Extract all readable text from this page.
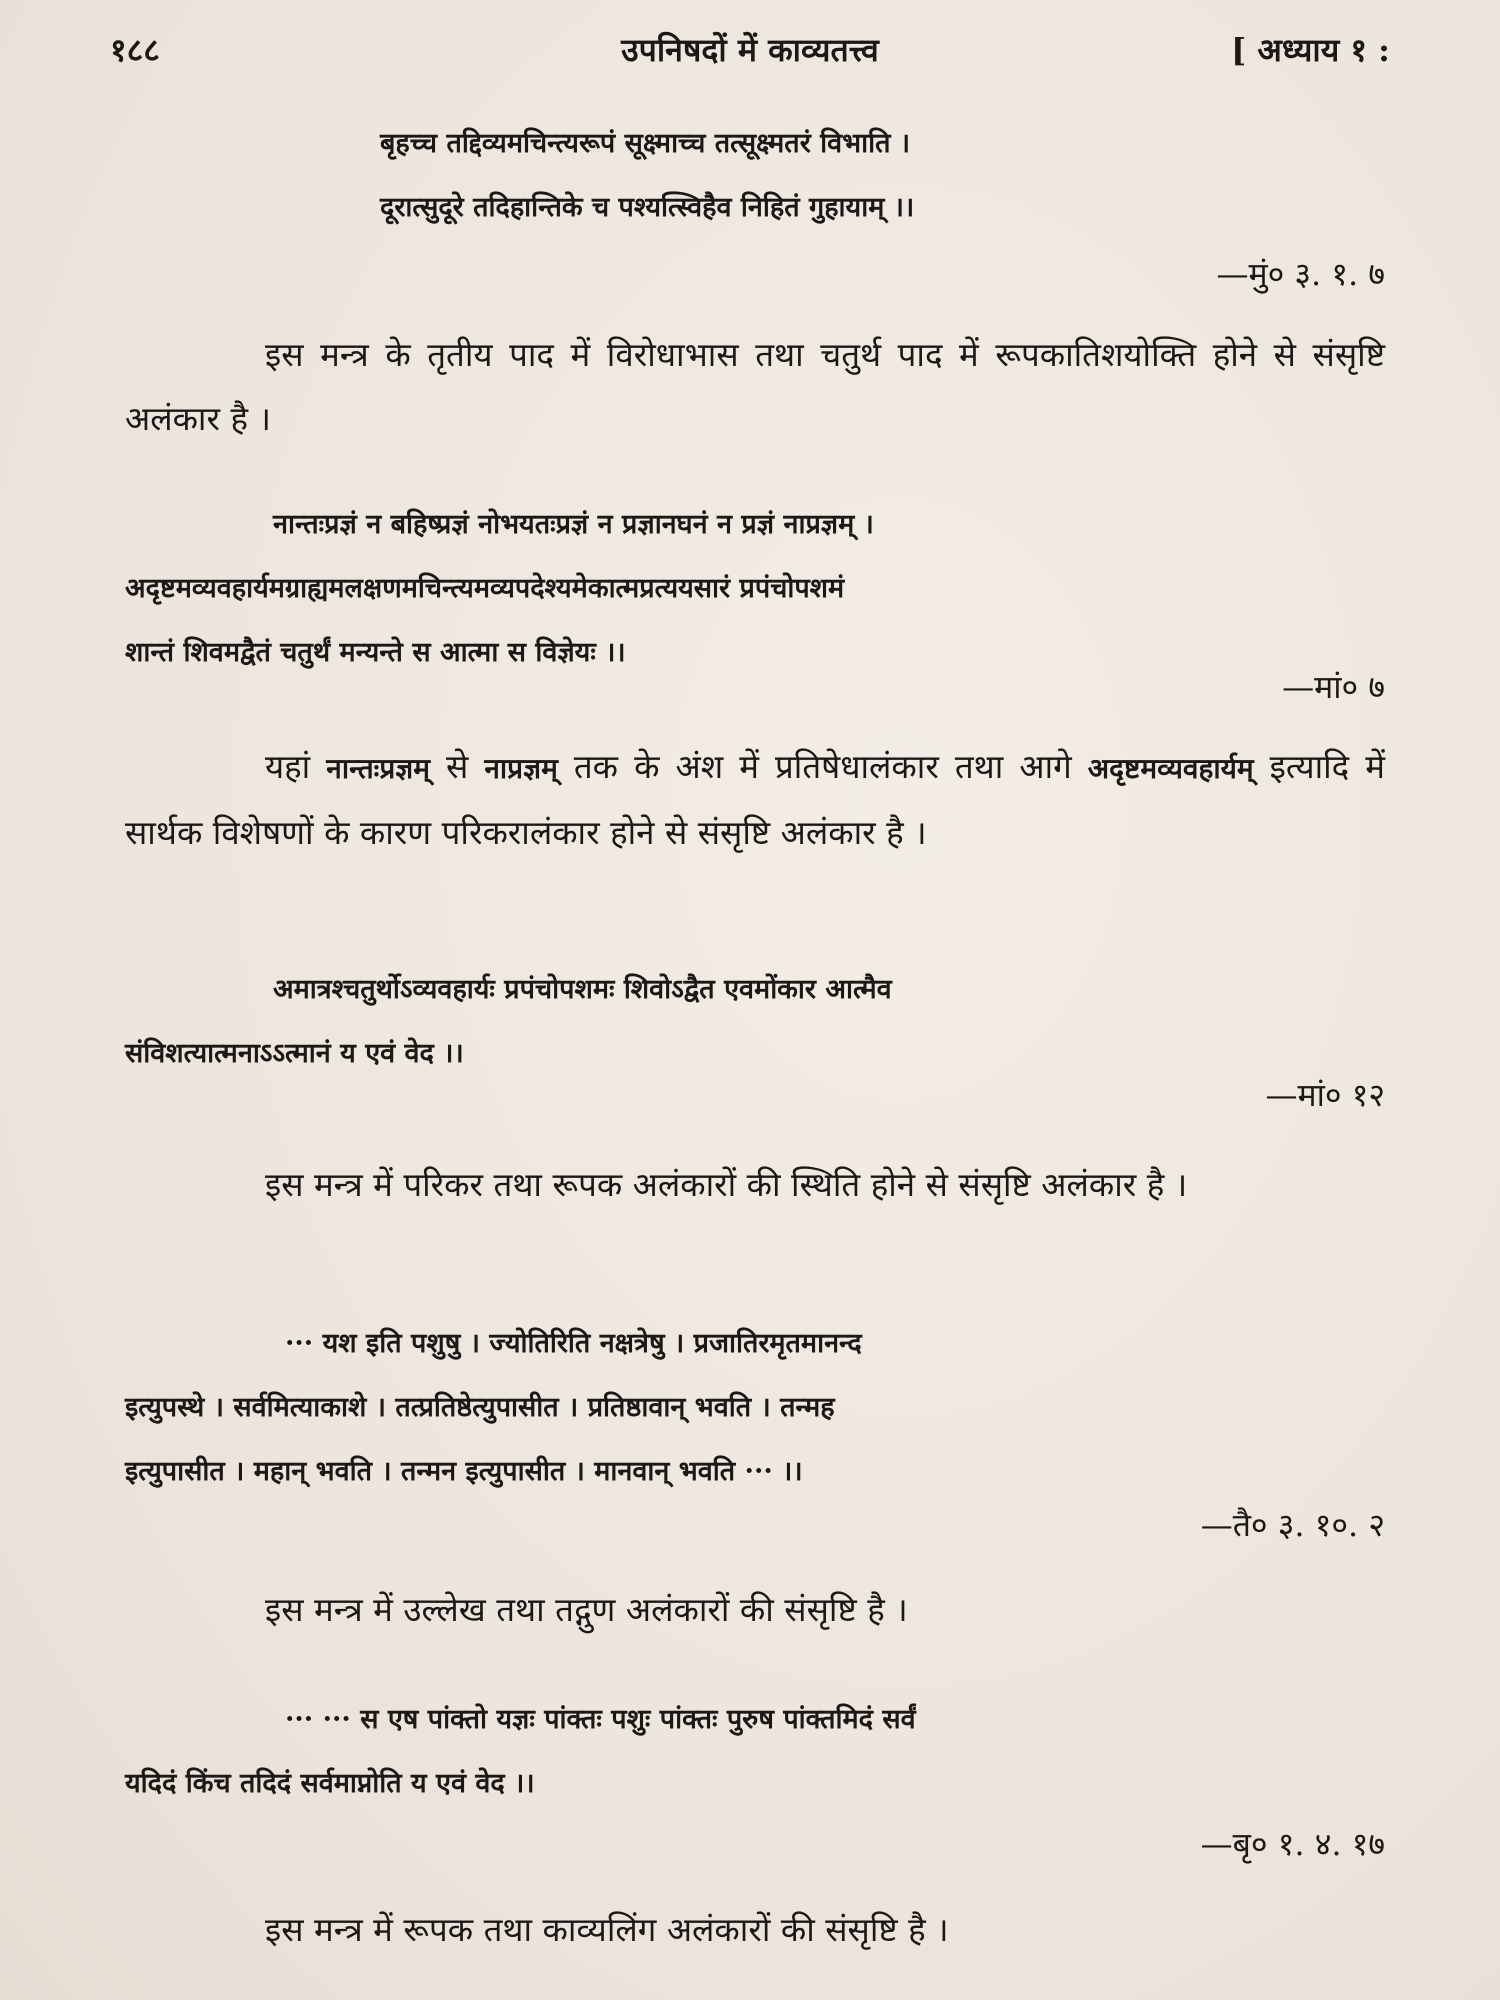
१८८	उपनिषदों में काव्यतत्त्व	[ अध्याय १ :
बृहच्च तद्दिव्यमचिन्त्यरूपं सूक्ष्माच्च तत्सूक्ष्मतरं विभाति ।
दूरात्सुदूरे तदिहान्तिके च पश्यत्स्विहैव निहितं गुहायाम् ।।
—मुं० ३. १. ७
इस मन्त्र के तृतीय पाद में विरोधाभास तथा चतुर्थ पाद में रूपकातिशयोक्ति होने से संसृष्टि अलंकार है ।
नान्तःप्रज्ञं न बहिष्प्रज्ञं नोभयतःप्रज्ञं न प्रज्ञानघनं न प्रज्ञं नाप्रज्ञम् ।
अदृष्टमव्यवहार्यमग्राह्यमलक्षणमचिन्त्यमव्यपदेश्यमेकात्मप्रत्ययसारं प्रपंचोपशमं
शान्तं शिवमद्वैतं चतुर्थं मन्यन्ते स आत्मा स विज्ञेयः ।।
—मां० ७
यहां नान्तःप्रज्ञम् से नाप्रज्ञम् तक के अंश में प्रतिषेधालंकार तथा आगे अदृष्टमव्यवहार्यम् इत्यादि में सार्थक विशेषणों के कारण परिकरालंकार होने से संसृष्टि अलंकार है ।
अमात्रश्चतुर्थोऽव्यवहार्यः प्रपंचोपशमः शिवोऽद्वैत एवमोंकार आत्मैव
संविशत्यात्मनाऽऽत्मानं य एवं वेद ।।
—मां० १२
इस मन्त्र में परिकर तथा रूपक अलंकारों की स्थिति होने से संसृष्टि अलंकार है ।
··· यश इति पशुषु । ज्योतिरिति नक्षत्रेषु । प्रजातिरमृतमानन्द
इत्युपस्थे । सर्वमित्याकाशे । तत्प्रतिष्ठेत्युपासीत । प्रतिष्ठावान् भवति । तन्मह
इत्युपासीत । महान् भवति । तन्मन इत्युपासीत । मानवान् भवति ··· ।।
—तै० ३. १०. २
इस मन्त्र में उल्लेख तथा तद्गुण अलंकारों की संसृष्टि है ।
··· ··· स एष पांक्तो यज्ञः पांक्तः पशुः पांक्तः पुरुष पांक्तमिदं सर्वं
यदिदं किंच तदिदं सर्वमाप्नोति य एवं वेद ।।
—बृ० १. ४. १७
इस मन्त्र में रूपक तथा काव्यलिंग अलंकारों की संसृष्टि है ।
